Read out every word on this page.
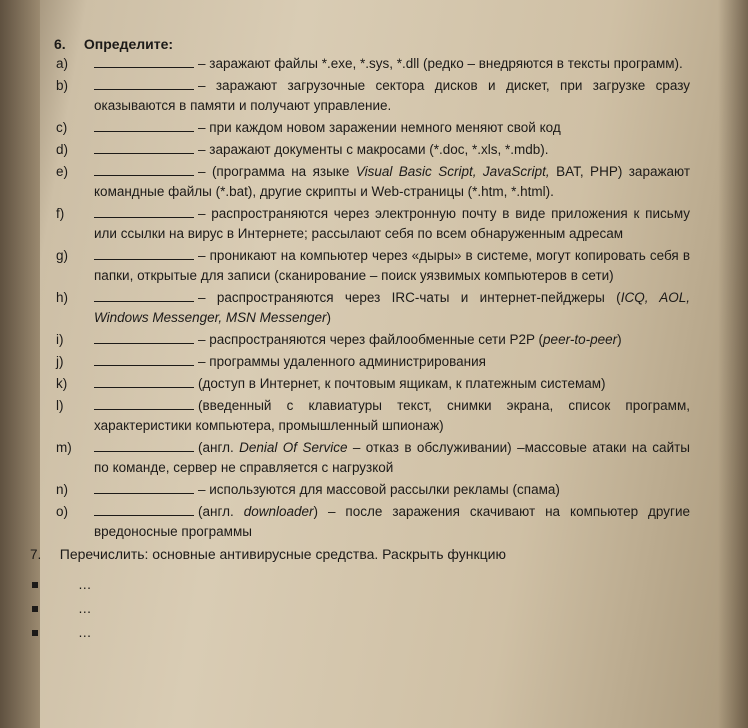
6. Определите:
a)	– заражают файлы *.exe, *.sys, *.dll (редко – внедряются в тексты программ).
b)	– заражают загрузочные сектора дисков и дискет, при загрузке сразу оказываются в памяти и получают управление.
c)	– при каждом новом заражении немного меняют свой код
d)	– заражают документы с макросами (*.doc, *.xls, *.mdb).
e)	– (программа на языке Visual Basic Script, JavaScript, BAT, PHP) заражают командные файлы (*.bat), другие скрипты и Web-страницы (*.htm, *.html).
f)	– распространяются через электронную почту в виде приложения к письму или ссылки на вирус в Интернете; рассылают себя по всем обнаруженным адресам
g)	– проникают на компьютер через «дыры» в системе, могут копировать себя в папки, открытые для записи (сканирование – поиск уязвимых компьютеров в сети)
h)	– распространяются через IRC-чаты и интернет-пейджеры (ICQ, AOL, Windows Messenger, MSN Messenger)
i)	– распространяются через файлообменные сети P2P (peer-to-peer)
j)	– программы удаленного администрирования
k)	(доступ в Интернет, к почтовым ящикам, к платежным системам)
l)	(введенный с клавиатуры текст, снимки экрана, список программ, характеристики компьютера, промышленный шпионаж)
m)	(англ. Denial Of Service – отказ в обслуживании) –массовые атаки на сайты по команде, сервер не справляется с нагрузкой
n)	– используются для массовой рассылки рекламы (спама)
o)	(англ. downloader) – после заражения скачивают на компьютер другие вредоносные программы
7. Перечислить: основные антивирусные средства. Раскрыть функцию
…
…
…
